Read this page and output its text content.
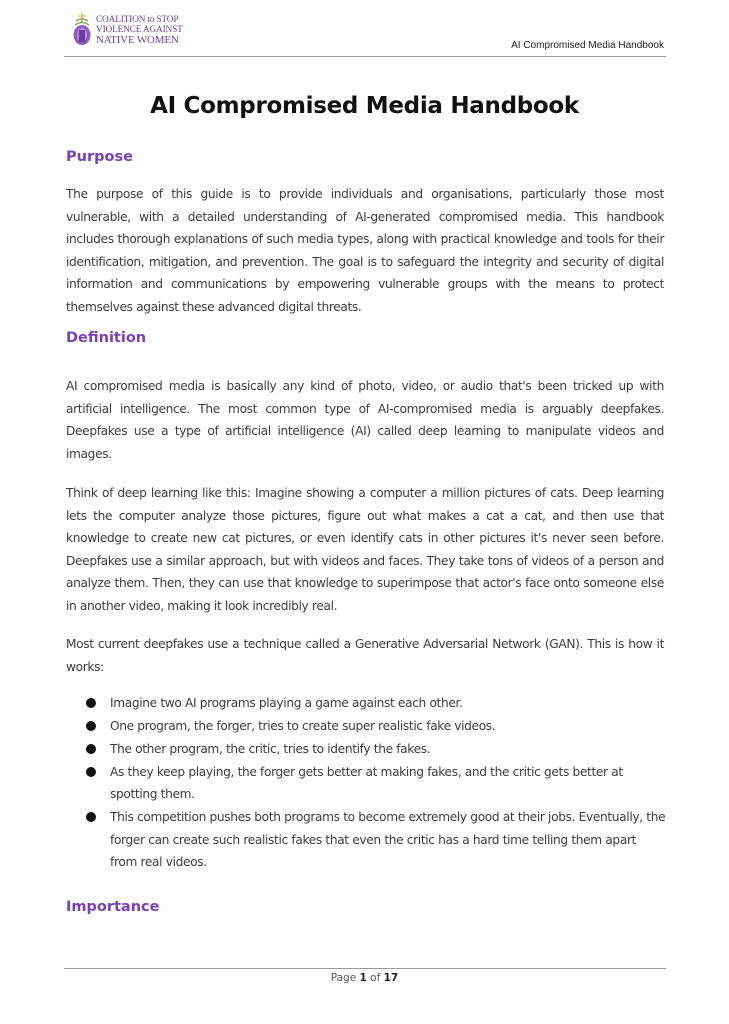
COALITION to STOP
VIOLENCE AGAINST
NATIVE WOMEN	AI Compromised Media Handbook
AI Compromised Media Handbook
Purpose

The purpose of this guide is to provide individuals and organisations, particularly those most vulnerable, with a detailed understanding of AI-generated compromised media. This handbook includes thorough explanations of such media types, along with practical knowledge and tools for their identification, mitigation, and prevention. The goal is to safeguard the integrity and security of digital information and communications by empowering vulnerable groups with the means to protect themselves against these advanced digital threats.

Definition

AI compromised media is basically any kind of photo, video, or audio that's been tricked up with artificial intelligence. The most common type of AI-compromised media is arguably deepfakes. Deepfakes use a type of artificial intelligence (AI) called deep learning to manipulate videos and images.

Think of deep learning like this: Imagine showing a computer a million pictures of cats. Deep learning lets the computer analyze those pictures, figure out what makes a cat a cat, and then use that knowledge to create new cat pictures, or even identify cats in other pictures it's never seen before. Deepfakes use a similar approach, but with videos and faces. They take tons of videos of a person and analyze them. Then, they can use that knowledge to superimpose that actor's face onto someone else in another video, making it look incredibly real.

Most current deepfakes use a technique called a Generative Adversarial Network (GAN). This is how it works:

Imagine two AI programs playing a game against each other.
One program, the forger, tries to create super realistic fake videos.
The other program, the critic, tries to identify the fakes.
As they keep playing, the forger gets better at making fakes, and the critic gets better at spotting them.
This competition pushes both programs to become extremely good at their jobs. Eventually, the forger can create such realistic fakes that even the critic has a hard time telling them apart from real videos.
Importance
Page 1 of 17
